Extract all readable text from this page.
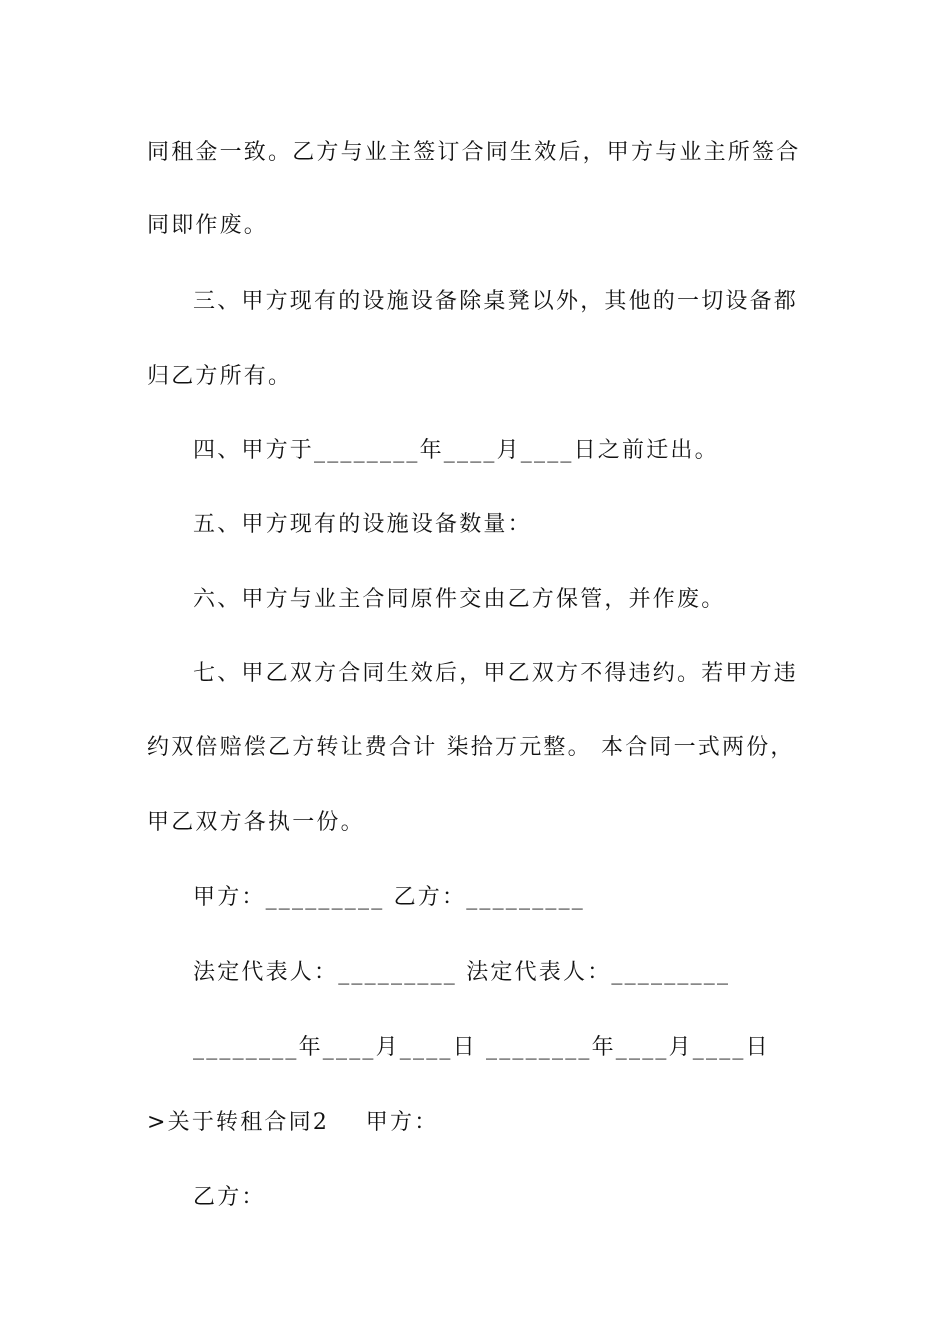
同租金一致。乙方与业主签订合同生效后，甲方与业主所签合
同即作废。
三、甲方现有的设施设备除桌凳以外，其他的一切设备都
归乙方所有。
四、甲方于________年____月____日之前迁出。
五、甲方现有的设施设备数量：
六、甲方与业主合同原件交由乙方保管，并作废。
七、甲乙双方合同生效后，甲乙双方不得违约。若甲方违
约双倍赔偿乙方转让费合计 柒拾万元整。 本合同一式两份，
甲乙双方各执一份。
甲方：_________ 乙方：_________
法定代表人：_________ 法定代表人：_________
________年____月____日 ________年____月____日
>关于转租合同2    甲方：
乙方：
